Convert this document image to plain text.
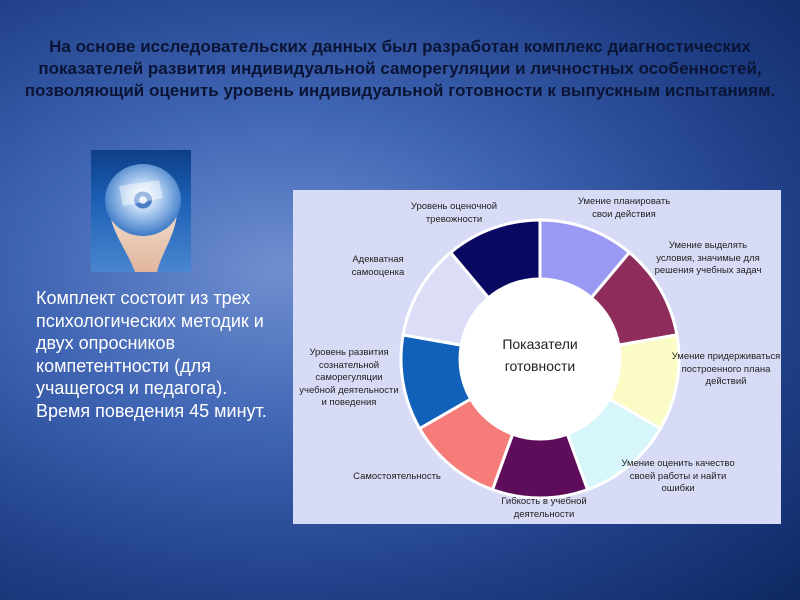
На основе исследовательских данных был разработан комплекс диагностических показателей развития индивидуальной саморегуляции и личностных особенностей, позволяющий оценить уровень индивидуальной готовности к выпускным испытаниям.
Комплект состоит из трех психологических методик и двух опросников компетентности (для учащегося и педагога). Время поведения 45 минут.
Показатели
готовности
Умение планировать свои действия
Умение выделять условия, значимые для решения учебных задач
Умение придерживаться построенного плана действий
Умение оценить качество своей работы и найти ошибки
Гибкость в учебной деятельности
Самостоятельность
Уровень развития сознательной саморегуляции учебной деятельности и поведения
Адекватная самооценка
Уровень оценочной тревожности
